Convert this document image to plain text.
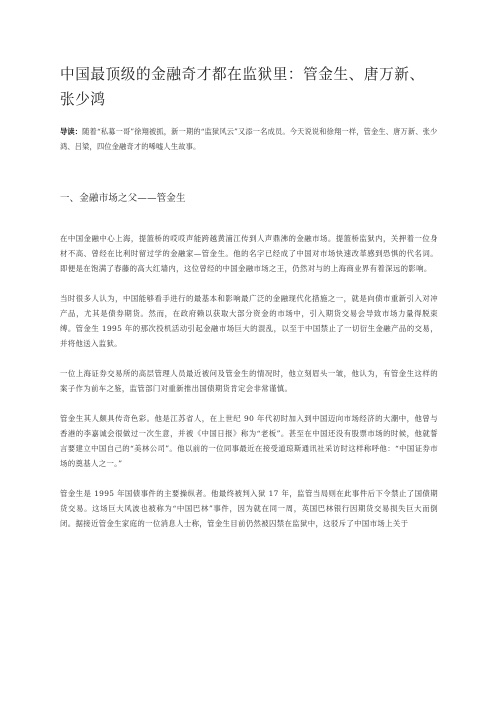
中国最顶级的金融奇才都在监狱里：管金生、唐万新、张少鸿

导读：随着“私募一哥”徐翔被抓，新一期的“监狱风云”又添一名成员。今天说说和徐翔一样，管金生、唐万新、张少鸿、吕梁，四位金融奇才的唏嘘人生故事。

一、金融市场之父——管金生

在中国金融中心上海，提篮桥的哎哎声能跨越黄浦江传到人声鼎沸的金融市场。提篮桥监狱内，关押着一位身材不高、曾经在比利时留过学的金融家—管金生。他的名字已经成了中国对市场快速改革感到恐惧的代名词。即便是在饱满了春藤的高大红墙内，这位曾经的中国金融市场之王，仍然对与的上海商业界有着深远的影响。

当时很多人认为，中国能够看手进行的最基本和影响最广泛的金融现代化措施之一，就是向债市重新引入对冲产品，尤其是债券期货。然而，在政府赖以获取大部分资金的市场中，引入期货交易会导致市场力量得脱束缚。管金生 1995 年的那次投机活动引起金融市场巨大的混乱，以至于中国禁止了一切衍生金融产品的交易，并将他送入监狱。

一位上海证券交易所的高层管理人员最近被问及管金生的情况时，他立刻眉头一皱，他认为，有管金生这样的案子作为前车之鉴，监管部门对重新推出国债期货肯定会非常谨慎。

管金生其人颇具传奇色彩。他是江苏省人，在上世纪 90 年代初时加入到中国迈向市场经济的大潮中，他曾与香港的李嘉诚会很做过一次生意，并被《中国日报》称为“老板”。甚至在中国还没有股票市场的时候，他就誓言要建立中国自己的“美林公司”。他以前的一位同事最近在接受道琼斯通讯社采访时这样称呼他：“中国证券市场的奠基人之一。”

管金生是 1995 年国债事件的主要操纵者。他最终被判入狱 17 年，监管当局则在此事件后下令禁止了国债期货交易。这场巨大风波也被称为“中国巴林”事件，因为就在同一周，英国巴林银行因期货交易损失巨大而倒闭。据接近管金生家庭的一位消息人士称，管金生目前仍然被囚禁在监狱中，这驳斥了中国市场上关于
